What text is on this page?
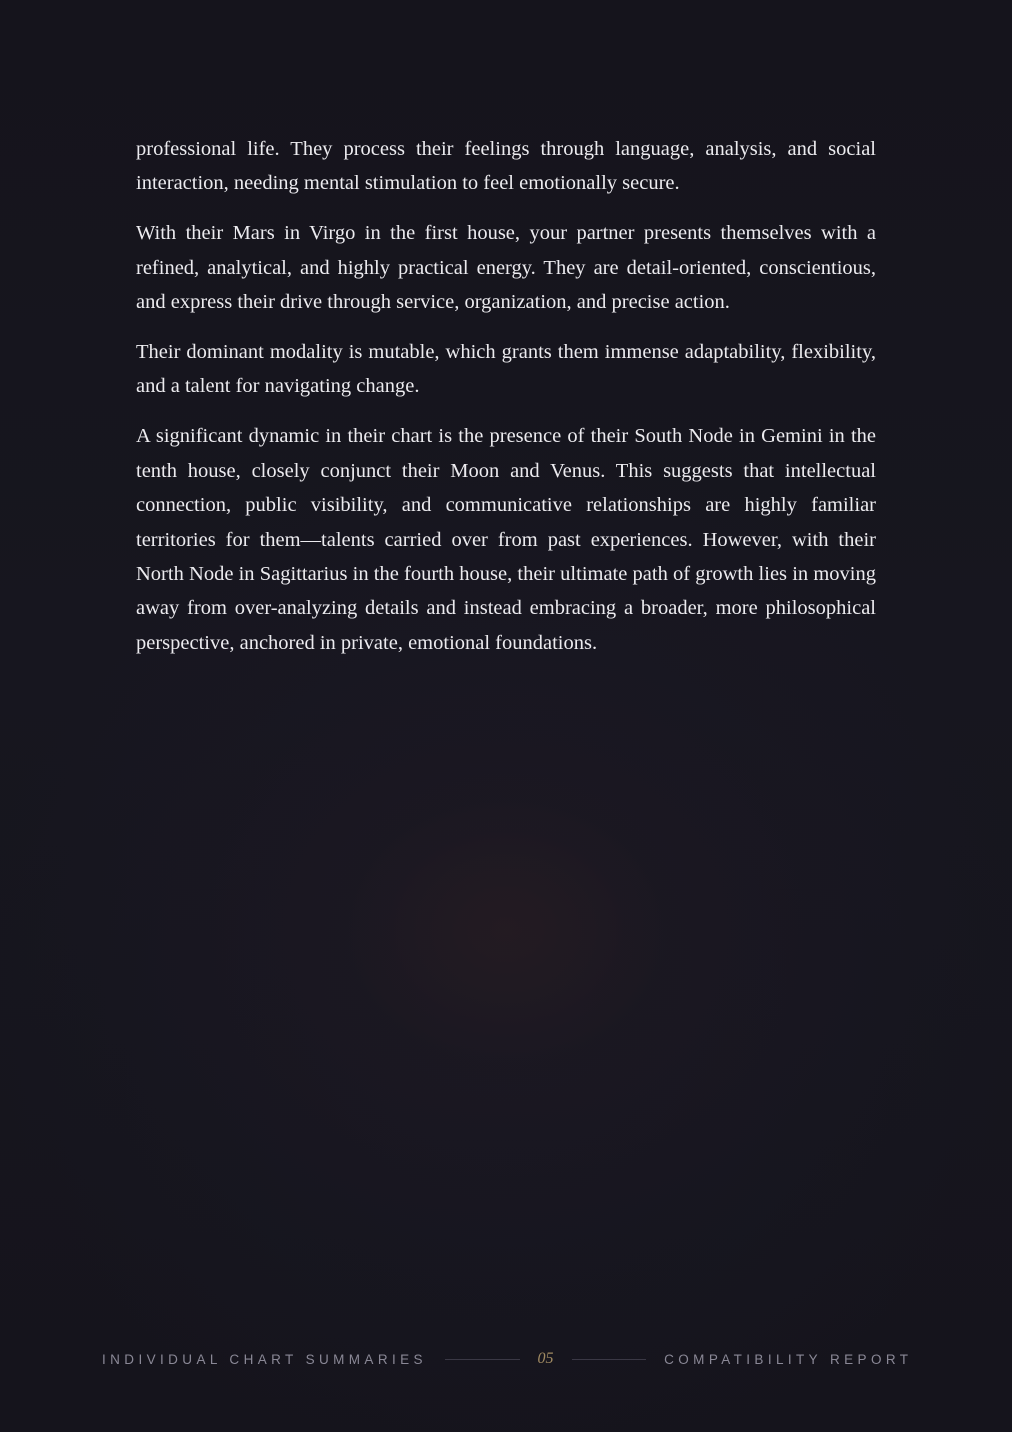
professional life. They process their feelings through language, analysis, and social interaction, needing mental stimulation to feel emotionally secure.

With their Mars in Virgo in the first house, your partner presents themselves with a refined, analytical, and highly practical energy. They are detail-oriented, conscientious, and express their drive through service, organization, and precise action.

Their dominant modality is mutable, which grants them immense adaptability, flexibility, and a talent for navigating change.

A significant dynamic in their chart is the presence of their South Node in Gemini in the tenth house, closely conjunct their Moon and Venus. This suggests that intellectual connection, public visibility, and communicative relationships are highly familiar territories for them—talents carried over from past experiences. However, with their North Node in Sagittarius in the fourth house, their ultimate path of growth lies in moving away from over-analyzing details and instead embracing a broader, more philosophical perspective, anchored in private, emotional foundations.

INDIVIDUAL CHART SUMMARIES	05	COMPATIBILITY REPORT
